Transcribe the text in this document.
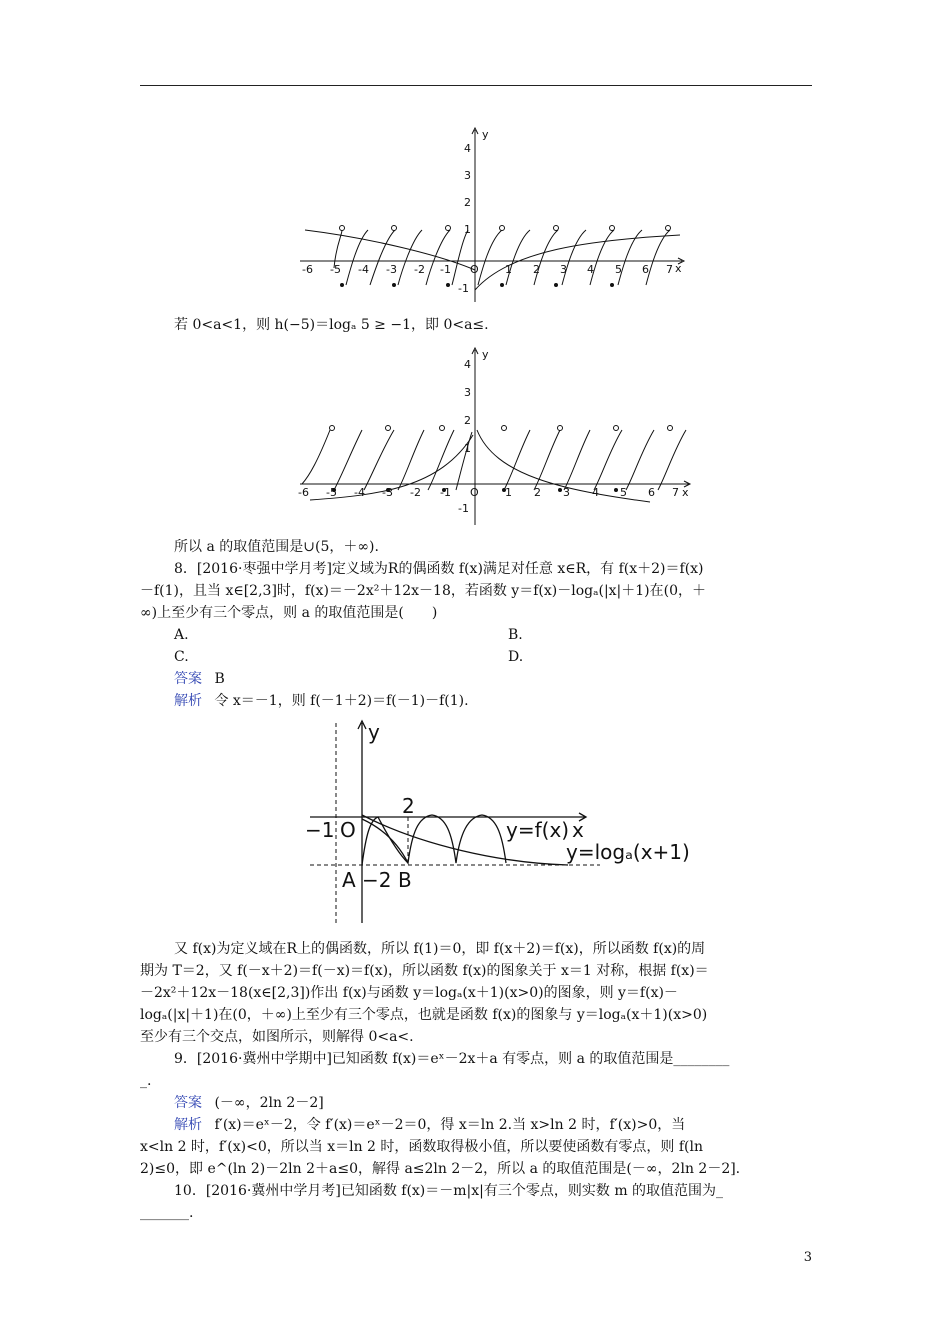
y
x
O
-6 -5 -4 -3 -2 -1	1 2 3 4 5 6 7
4
3
2
1
-1
若 0<a<1，则 h(−5)＝logₐ 5 ≥ −1，即 0<a≤.
y
x
O
-6 -5 -4 -3 -2 -1	1 2 3 4 5 6 7
4
3
2
1
-1
所以 a 的取值范围是∪(5，＋∞).
8．[2016·枣强中学月考]定义域为R的偶函数 f(x)满足对任意 x∈R，有 f(x＋2)＝f(x)
－f(1)，且当 x∈[2,3]时，f(x)＝－2x²＋12x－18，若函数 y＝f(x)－logₐ(|x|＋1)在(0，＋
∞)上至少有三个零点，则 a 的取值范围是(　　)
A.	B.
C.	D.
答案 B
解析 令 x＝－1，则 f(－1＋2)＝f(－1)－f(1).
y
x
O
−1
2
−2
A B
y=f(x)
y=logₐ(x+1)
又 f(x)为定义域在R上的偶函数，所以 f(1)＝0，即 f(x＋2)＝f(x)，所以函数 f(x)的周
期为 T＝2，又 f(－x＋2)＝f(－x)＝f(x)，所以函数 f(x)的图象关于 x＝1 对称，根据 f(x)＝
－2x²＋12x－18(x∈[2,3])作出 f(x)与函数 y＝logₐ(x＋1)(x>0)的图象，则 y＝f(x)－
logₐ(|x|＋1)在(0，＋∞)上至少有三个零点，也就是函数 f(x)的图象与 y＝logₐ(x＋1)(x>0)
至少有三个交点，如图所示，则解得 0<a<.
9．[2016·冀州中学期中]已知函数 f(x)＝eˣ－2x＋a 有零点，则 a 的取值范围是________
_.
答案 (－∞，2ln 2－2]
解析 f′(x)＝eˣ－2，令 f′(x)＝eˣ－2＝0，得 x＝ln 2.当 x>ln 2 时，f′(x)>0，当
x<ln 2 时，f′(x)<0，所以当 x＝ln 2 时，函数取得极小值，所以要使函数有零点，则 f(ln
2)≤0，即 e^(ln 2)－2ln 2＋a≤0，解得 a≤2ln 2－2，所以 a 的取值范围是(－∞，2ln 2－2].
10．[2016·冀州中学月考]已知函数 f(x)＝－m|x|有三个零点，则实数 m 的取值范围为_
_______.
3
